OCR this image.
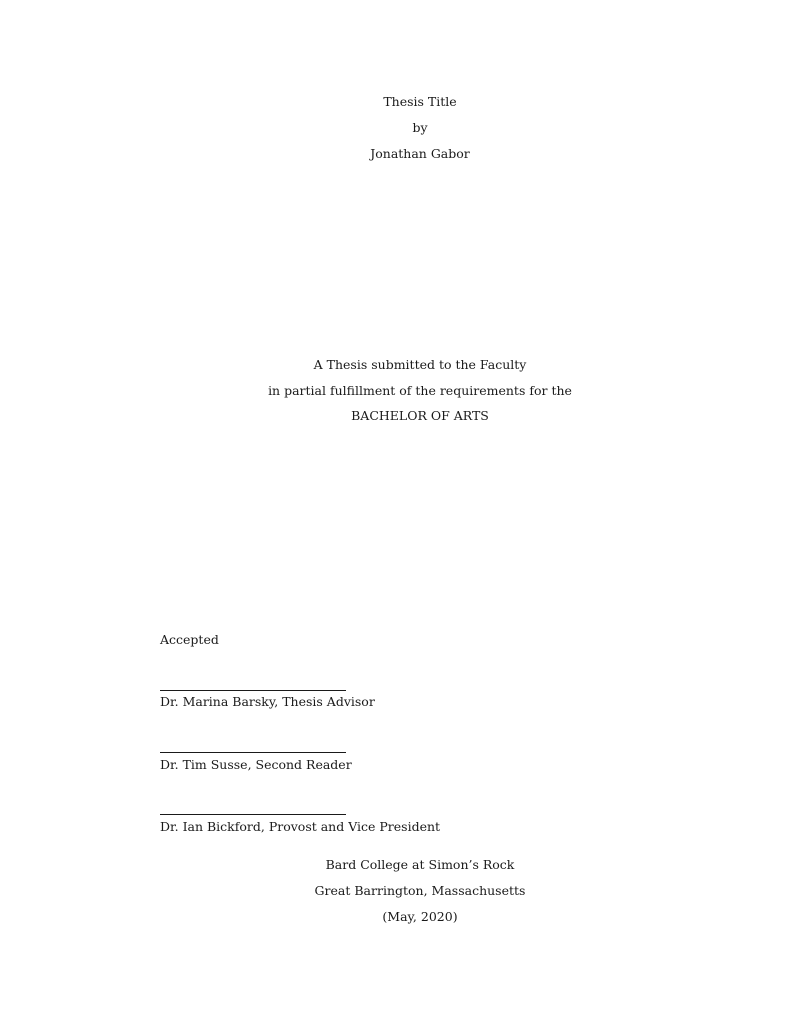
Thesis Title
by
Jonathan Gabor
A Thesis submitted to the Faculty
in partial fulfillment of the requirements for the
BACHELOR OF ARTS
Accepted
Dr. Marina Barsky, Thesis Advisor
Dr. Tim Susse, Second Reader
Dr. Ian Bickford, Provost and Vice President
Bard College at Simon’s Rock
Great Barrington, Massachusetts
(May, 2020)
